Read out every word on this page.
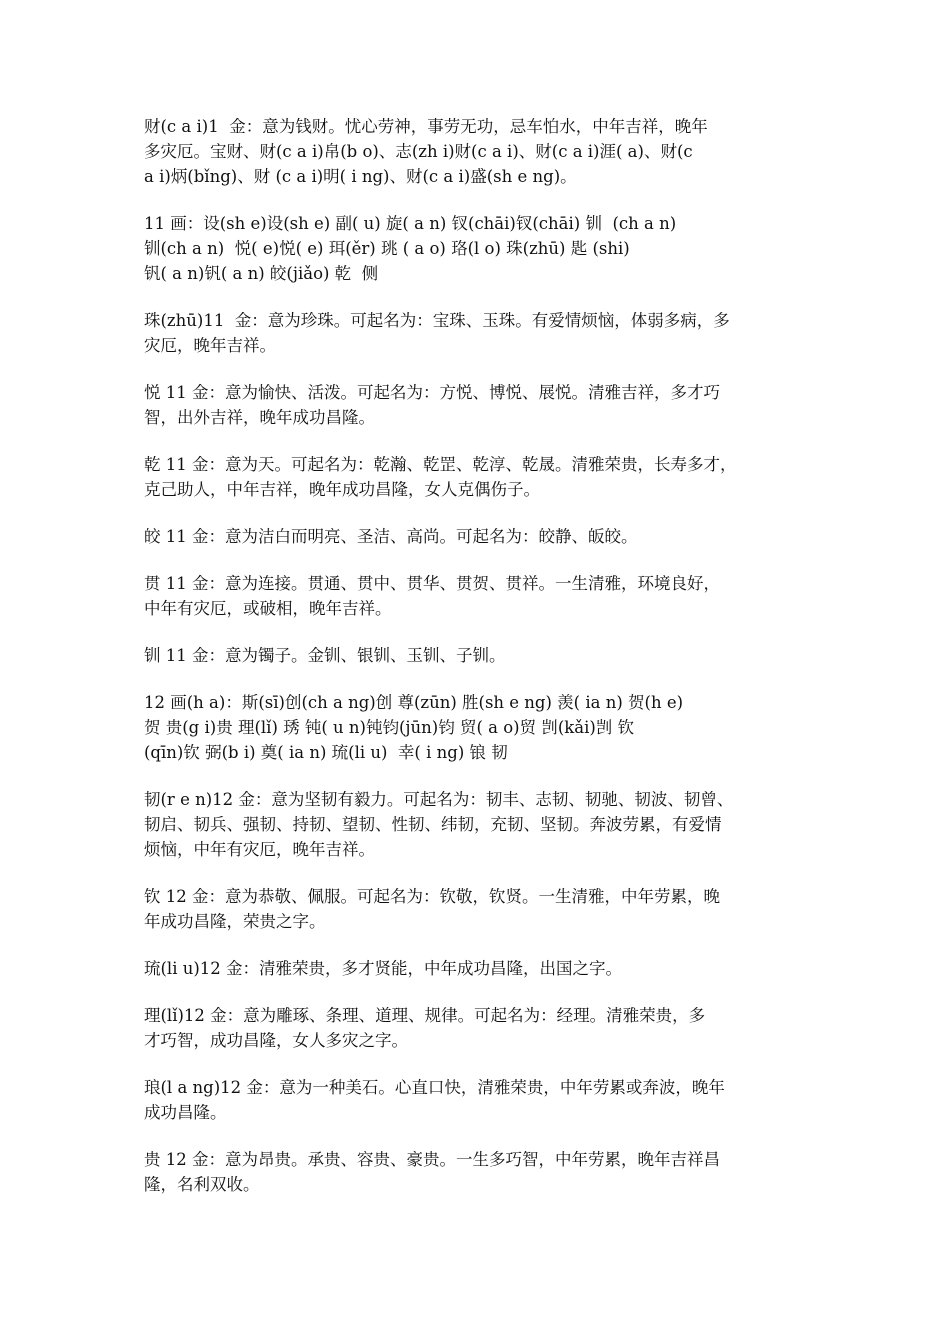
财(c a i)1  金：意为钱财。忧心劳神，事劳无功，忌车怕水，中年吉祥，晚年
多灾厄。宝财、财(c a i)帛(b o)、志(zh i)财(c a i)、财(c a i)涯( a)、财(c
a i)炳(bǐng)、财 (c a i)明( i ng)、财(c a i)盛(sh e ng)。
11 画：设(sh e)设(sh e) 副( u) 旋( a n) 钗(chāi)钗(chāi) 钏  (ch a n)
钏(ch a n)  悦( e)悦( e) 珥(ěr) 珧 ( a o) 珞(l o) 珠(zhū) 匙 (shi)
钒( a n)钒( a n) 皎(jiǎo) 乾  侧
珠(zhū)11  金：意为珍珠。可起名为：宝珠、玉珠。有爱情烦恼，体弱多病，多
灾厄，晚年吉祥。
悦 11 金：意为愉快、活泼。可起名为：方悦、博悦、展悦。清雅吉祥，多才巧
智，出外吉祥，晚年成功昌隆。
乾 11 金：意为天。可起名为：乾瀚、乾罡、乾淳、乾晟。清雅荣贵，长寿多才，
克己助人，中年吉祥，晚年成功昌隆，女人克偶伤子。
皎 11 金：意为洁白而明亮、圣洁、高尚。可起名为：皎静、皈皎。
贯 11 金：意为连接。贯通、贯中、贯华、贯贺、贯祥。一生清雅，环境良好，
中年有灾厄，或破相，晚年吉祥。
钏 11 金：意为镯子。金钏、银钏、玉钏、子钏。
12 画(h a)：斯(sī)创(ch a ng)创 尊(zūn) 胜(sh e ng) 羡( ia n) 贺(h e)
贺 贵(g i)贵 理(lǐ) 琇 钝( u n)钝钧(jūn)钧 贸( a o)贸 剀(kǎi)剀 钦
(qīn)钦 弼(b i) 奠( ia n) 琉(li u)  幸( i ng) 锒 韧
韧(r e n)12 金：意为坚韧有毅力。可起名为：韧丰、志韧、韧驰、韧波、韧曾、
韧启、韧兵、强韧、持韧、望韧、性韧、纬韧，充韧、坚韧。奔波劳累，有爱情
烦恼，中年有灾厄，晚年吉祥。
钦 12 金：意为恭敬、佩服。可起名为：钦敬，钦贤。一生清雅，中年劳累，晚
年成功昌隆，荣贵之字。
琉(li u)12 金：清雅荣贵，多才贤能，中年成功昌隆，出国之字。
理(lǐ)12 金：意为雕琢、条理、道理、规律。可起名为：经理。清雅荣贵，多
才巧智，成功昌隆，女人多灾之字。
琅(l a ng)12 金：意为一种美石。心直口快，清雅荣贵，中年劳累或奔波，晚年
成功昌隆。
贵 12 金：意为昂贵。承贵、容贵、豪贵。一生多巧智，中年劳累，晚年吉祥昌
隆，名利双收。
